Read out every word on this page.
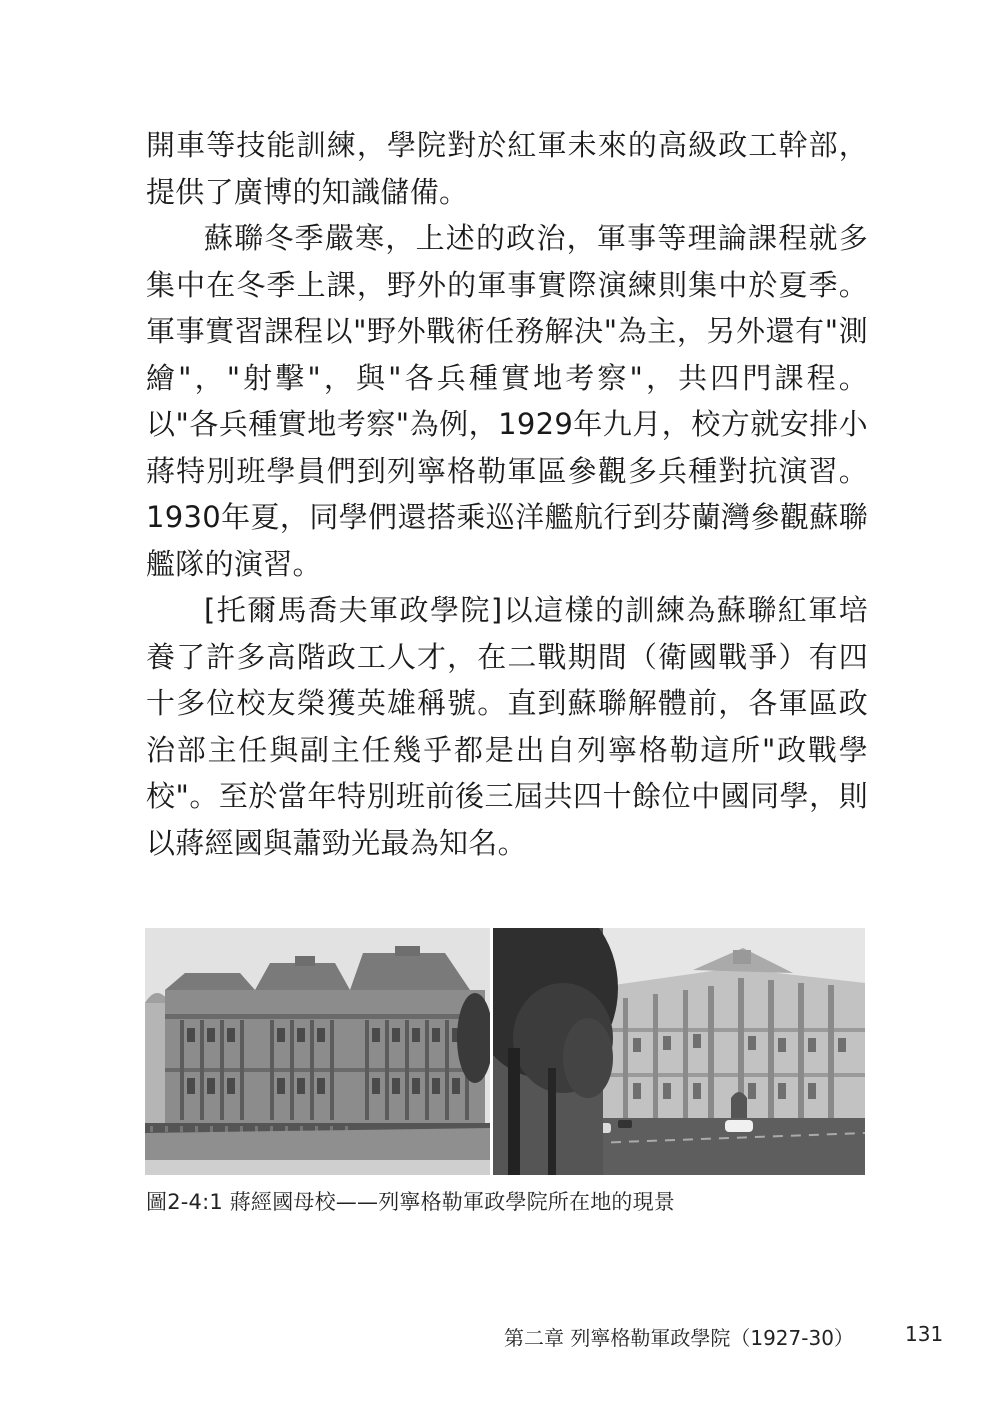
開車等技能訓練，學院對於紅軍未來的高級政工幹部，提供了廣博的知識儲備。

蘇聯冬季嚴寒，上述的政治，軍事等理論課程就多集中在冬季上課，野外的軍事實際演練則集中於夏季。軍事實習課程以"野外戰術任務解決"為主，另外還有"測繪"，"射擊"，與"各兵種實地考察"，共四門課程。以"各兵種實地考察"為例，1929年九月，校方就安排小蔣特別班學員們到列寧格勒軍區參觀多兵種對抗演習。1930年夏，同學們還搭乘巡洋艦航行到芬蘭灣參觀蘇聯艦隊的演習。

[托爾馬喬夫軍政學院]以這樣的訓練為蘇聯紅軍培養了許多高階政工人才，在二戰期間（衛國戰爭）有四十多位校友榮獲英雄稱號。直到蘇聯解體前，各軍區政治部主任與副主任幾乎都是出自列寧格勒這所"政戰學校"。至於當年特別班前後三屆共四十餘位中國同學，則以蔣經國與蕭勁光最為知名。

圖2-4:1 蔣經國母校——列寧格勒軍政學院所在地的現景
第二章 列寧格勒軍政學院（1927-30）	131
